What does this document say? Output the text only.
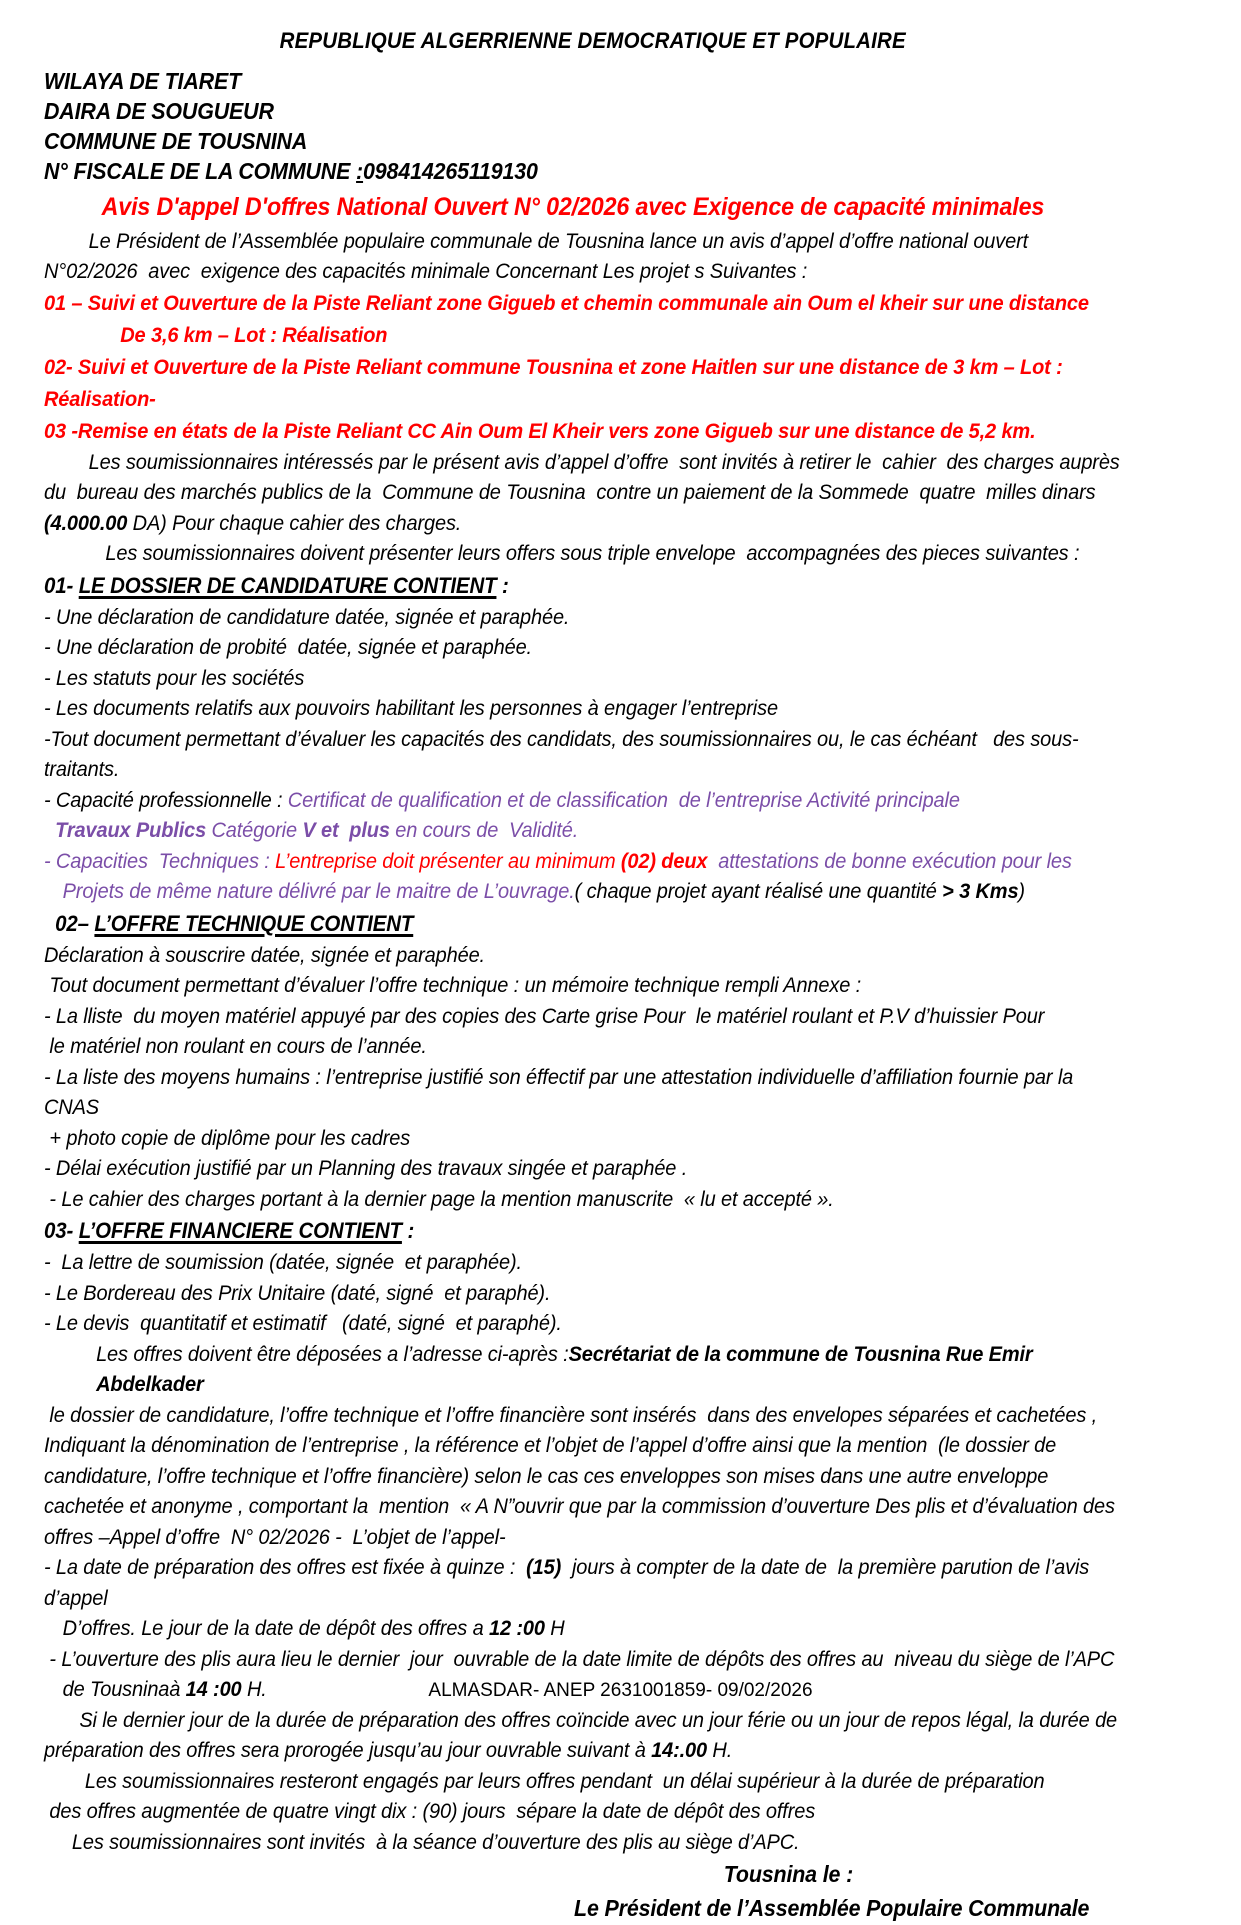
REPUBLIQUE ALGERRIENNE DEMOCRATIQUE ET POPULAIRE
WILAYA DE TIARET
DAIRA DE SOUGUEUR
COMMUNE DE TOUSNINA
N° FISCALE DE LA COMMUNE :098414265119130
Avis D'appel D'offres National Ouvert N° 02/2026 avec Exigence de capacité minimales
Le Président de l’Assemblée populaire communale de Tousnina lance un avis d’appel d’offre national ouvert
N°02/2026  avec  exigence des capacités minimale Concernant Les projet s Suivantes :
01 – Suivi et Ouverture de la Piste Reliant zone Gigueb et chemin communale ain Oum el kheir sur une distance
De 3,6 km – Lot : Réalisation
02- Suivi et Ouverture de la Piste Reliant commune Tousnina et zone Haitlen sur une distance de 3 km – Lot : Réalisation-
03 -Remise en états de la Piste Reliant CC Ain Oum El Kheir vers zone Gigueb sur une distance de 5,2 km.
Les soumissionnaires intéressés par le présent avis d’appel d’offre  sont invités à retirer le  cahier  des charges auprès
du  bureau des marchés publics de la  Commune de Tousnina  contre un paiement de la Sommede  quatre  milles dinars
(4.000.00 DA) Pour chaque cahier des charges.
Les soumissionnaires doivent présenter leurs offers sous triple envelope  accompagnées des pieces suivantes :
01- LE DOSSIER DE CANDIDATURE CONTIENT :
- Une déclaration de candidature datée, signée et paraphée.
- Une déclaration de probité  datée, signée et paraphée.
- Les statuts pour les sociétés
- Les documents relatifs aux pouvoirs habilitant les personnes à engager l’entreprise
-Tout document permettant d’évaluer les capacités des candidats, des soumissionnaires ou, le cas échéant   des sous-traitants.
- Capacité professionnelle : Certificat de qualification et de classification  de l’entreprise Activité principale
Travaux Publics Catégorie V et  plus en cours de  Validité.
- Capacities  Techniques : L’entreprise doit présenter au minimum (02) deux  attestations de bonne exécution pour les
Projets de même nature délivré par le maitre de L’ouvrage.( chaque projet ayant réalisé une quantité > 3 Kms)
02– L’OFFRE TECHNIQUE CONTIENT
Déclaration à souscrire datée, signée et paraphée.
Tout document permettant d’évaluer l’offre technique : un mémoire technique rempli Annexe :
- La lliste  du moyen matériel appuyé par des copies des Carte grise Pour  le matériel roulant et P.V d’huissier Pour
le matériel non roulant en cours de l’année.
- La liste des moyens humains : l’entreprise justifié son éffectif par une attestation individuelle d’affiliation fournie par la CNAS
+ photo copie de diplôme pour les cadres
- Délai exécution justifié par un Planning des travaux singée et paraphée .
- Le cahier des charges portant à la dernier page la mention manuscrite  « lu et accepté ».
03- L’OFFRE FINANCIERE CONTIENT :
-  La lettre de soumission (datée, signée  et paraphée).
- Le Bordereau des Prix Unitaire (daté, signé  et paraphé).
- Le devis  quantitatif et estimatif   (daté, signé  et paraphé).
Les offres doivent être déposées a l’adresse ci-après :Secrétariat de la commune de Tousnina Rue Emir Abdelkader
le dossier de candidature, l’offre technique et l’offre financière sont insérés  dans des envelopes séparées et cachetées ,
Indiquant la dénomination de l’entreprise , la référence et l’objet de l’appel d’offre ainsi que la mention  (le dossier de
candidature, l’offre technique et l’offre financière) selon le cas ces enveloppes son mises dans une autre enveloppe
cachetée et anonyme , comportant la  mention  « A N”ouvrir que par la commission d’ouverture Des plis et d’évaluation des
offres –Appel d’offre  N° 02/2026 -  L’objet de l’appel-
- La date de préparation des offres est fixée à quinze :  (15)  jours à compter de la date de  la première parution de l’avis d’appel
D’offres. Le jour de la date de dépôt des offres a 12 :00 H
- L’ouverture des plis aura lieu le dernier  jour  ouvrable de la date limite de dépôts des offres au  niveau du siège de l’APC
de Tousninaà 14 :00 H.
Si le dernier jour de la durée de préparation des offres coïncide avec un jour férie ou un jour de repos légal, la durée de
préparation des offres sera prorogée jusqu’au jour ouvrable suivant à 14:.00 H.
Les soumissionnaires resteront engagés par leurs offres pendant  un délai supérieur à la durée de préparation
des offres augmentée de quatre vingt dix : (90) jours  sépare la date de dépôt des offres
Les soumissionnaires sont invités  à la séance d’ouverture des plis au siège d’APC.
Tousnina le :
Le Président de l’Assemblée Populaire Communale
ALMASDAR- ANEP 2631001859- 09/02/2026
